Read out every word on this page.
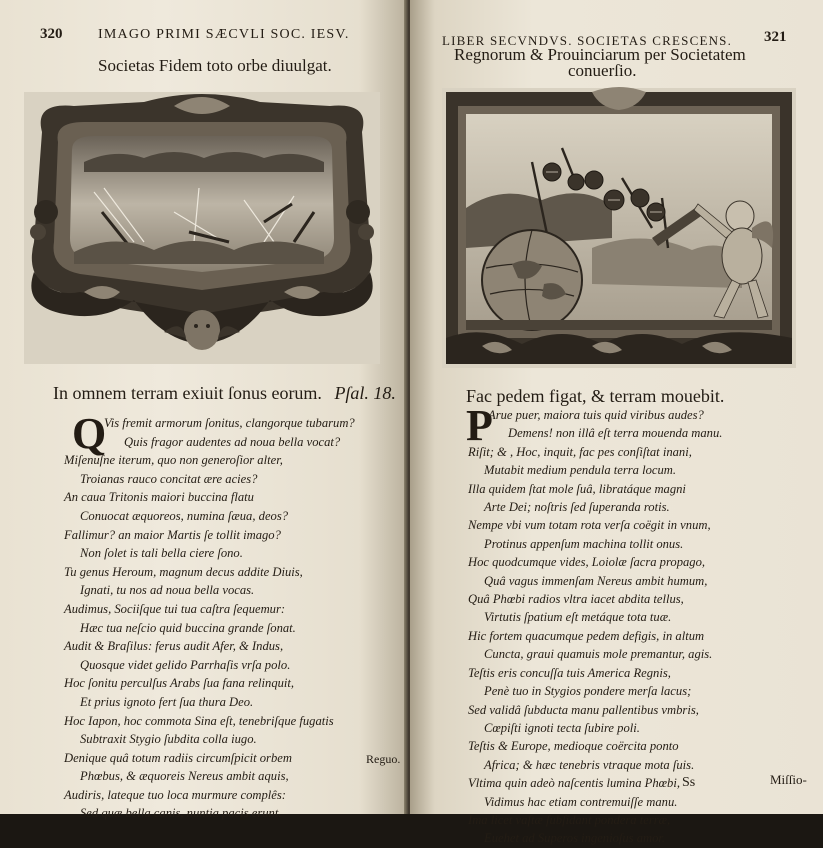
320	IMAGO PRIMI SÆCVLI SOC. IESV.
Societas Fidem toto orbe diuulgat.
In omnem terram exiuit ſonus eorum. Pſal. 18.
Q
Vis fremit armorum ſonitus, clangorque tubarum?
Quis fragor audentes ad noua bella vocat?
Miſenuſne iterum, quo non generoſior alter,
Troianas rauco concitat ære acies?
An caua Tritonis maiori buccina flatu
Conuocat æquoreos, numina ſæua, deos?
Fallimur? an maior Martis ſe tollit imago?
Non ſolet is tali bella ciere ſono.
Tu genus Heroum, magnum decus addite Diuis,
Ignati, tu nos ad noua bella vocas.
Audimus, Sociiſque tui tua caſtra ſequemur:
Hæc tua neſcio quid buccina grande ſonat.
Audit & Braſilus: ferus audit Afer, & Indus,
Quosque videt gelido Parrhaſis vrſa polo.
Hoc ſonitu perculſus Arabs ſua fana relinquit,
Et prius ignoto fert ſua thura Deo.
Hoc Iapon, hoc commota Sina eſt, tenebriſque fugatis
Subtraxit Stygio ſubdita colla iugo.
Denique quâ totum radiis circumſpicit orbem
Phœbus, & æquoreis Nereus ambit aquis,
Audiris, lateque tuo loca murmure complês:
Sed quæ bella canis, nuntia pacis erunt.
Reguo.
LIBER SECVNDVS. SOCIETAS CRESCENS. 321
Regnorum & Prouinciarum per Societatem
conuerſio.
Fac pedem figat, & terram mouebit.
P
Arue puer, maiora tuis quid viribus audes?
Demens! non illâ eſt terra mouenda manu.
Riſit; & , Hoc, inquit, fac pes conſiſtat inani,
Mutabit medium pendula terra locum.
Illa quidem ſtat mole ſuâ, libratáque magni
Arte Dei; noſtris ſed ſuperanda rotis.
Nempe vbi vum totam rota verſa coëgit in vnum,
Protinus appenſum machina tollit onus.
Hoc quodcumque vides, Loiolæ ſacra propago,
Quâ vagus immenſam Nereus ambit humum,
Quâ Phœbi radios vltra iacet abdita tellus,
Virtutis ſpatium eſt metáque tota tuæ.
Hic fortem quacumque pedem defigis, in altum
Cuncta, graui quamuis mole premantur, agis.
Teſtis eris concuſſa tuis America Regnis,
Penè tuo in Stygios pondere merſa lacus;
Sed validâ ſubducta manu pallentibus vmbris,
Cœpiſti ignoti tecta ſubire poli.
Teſtis & Europe, medioque coërcita ponto
Africa; & hæc tenebris vtraque mota ſuis.
Vltima quin adeò naſcentis lumina Phœbi,
Vidimus hac etiam contremuiſſe manu.
Ima licet vaſtæ ſubſidant pondera terræ,
Euehet ad Superos ingenioſus amor.
Ss	Miſſio-
